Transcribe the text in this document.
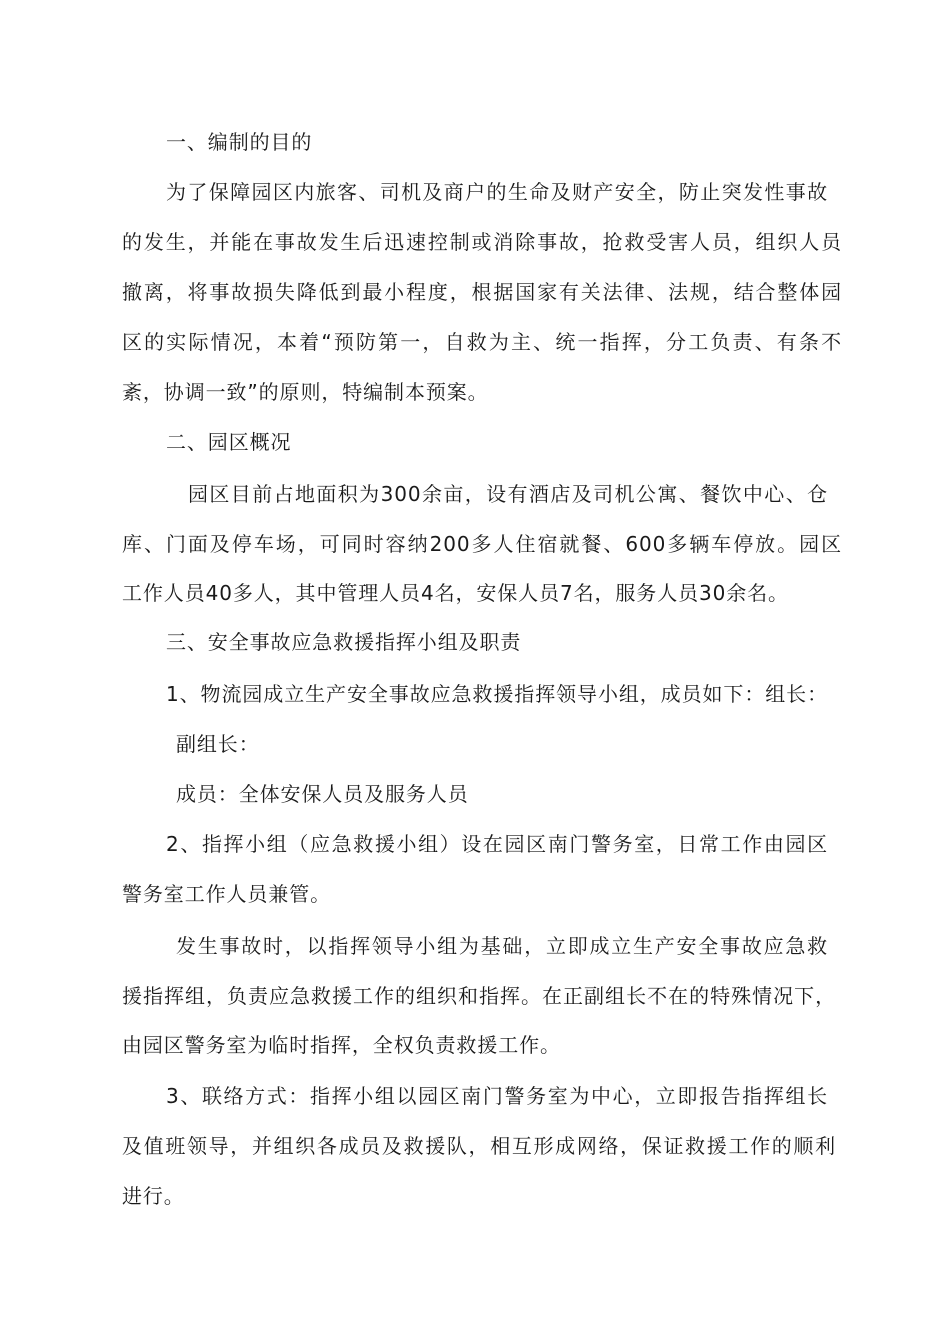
一、编制的目的
为了保障园区内旅客、司机及商户的生命及财产安全，防止突发性事故
的发生，并能在事故发生后迅速控制或消除事故，抢救受害人员，组织人员
撤离，将事故损失降低到最小程度，根据国家有关法律、法规，结合整体园
区的实际情况，本着“预防第一，自救为主、统一指挥，分工负责、有条不
紊，协调一致”的原则，特编制本预案。
二、园区概况
园区目前占地面积为300余亩，设有酒店及司机公寓、餐饮中心、仓
库、门面及停车场，可同时容纳200多人住宿就餐、600多辆车停放。园区
工作人员40多人，其中管理人员4名，安保人员7名，服务人员30余名。
三、安全事故应急救援指挥小组及职责
1、物流园成立生产安全事故应急救援指挥领导小组，成员如下：组长：
副组长：
成员：全体安保人员及服务人员
2、指挥小组（应急救援小组）设在园区南门警务室，日常工作由园区
警务室工作人员兼管。
发生事故时，以指挥领导小组为基础，立即成立生产安全事故应急救
援指挥组，负责应急救援工作的组织和指挥。在正副组长不在的特殊情况下，
由园区警务室为临时指挥，全权负责救援工作。
3、联络方式：指挥小组以园区南门警务室为中心，立即报告指挥组长
及值班领导，并组织各成员及救援队，相互形成网络，保证救援工作的顺利
进行。
